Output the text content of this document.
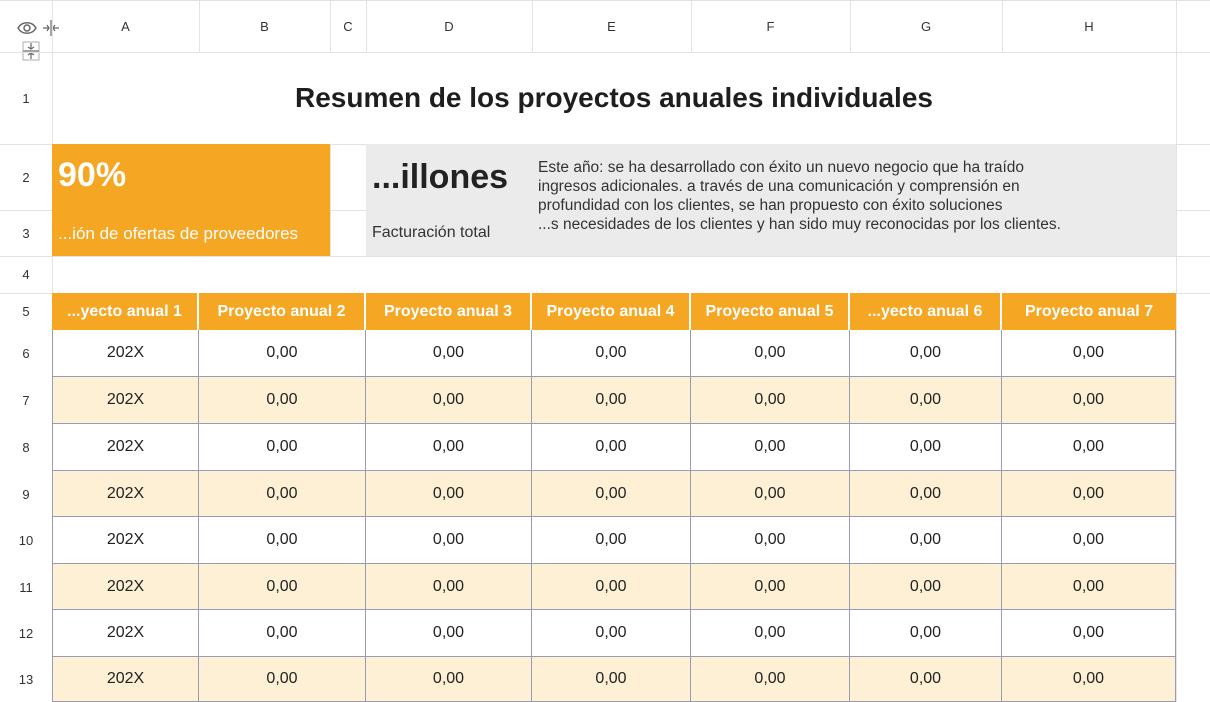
A	B	C	D	E	F	G	H
1
2
3
4
5
6
7
8
9
10
11
12
13
Resumen de los proyectos anuales individuales
90%
...ión de ofertas de proveedores
...illones
Facturación total
Este año: se ha desarrollado con éxito un nuevo negocio que ha traído
ingresos adicionales. a través de una comunicación y comprensión en
profundidad con los clientes, se han propuesto con éxito soluciones
...s necesidades de los clientes y han sido muy reconocidas por los clientes.
...yecto anual 1	Proyecto anual 2	Proyecto anual 3	Proyecto anual 4	Proyecto anual 5	...yecto anual 6	Proyecto anual 7
202X	0,00	0,00	0,00	0,00	0,00	0,00
202X	0,00	0,00	0,00	0,00	0,00	0,00
202X	0,00	0,00	0,00	0,00	0,00	0,00
202X	0,00	0,00	0,00	0,00	0,00	0,00
202X	0,00	0,00	0,00	0,00	0,00	0,00
202X	0,00	0,00	0,00	0,00	0,00	0,00
202X	0,00	0,00	0,00	0,00	0,00	0,00
202X	0,00	0,00	0,00	0,00	0,00	0,00
